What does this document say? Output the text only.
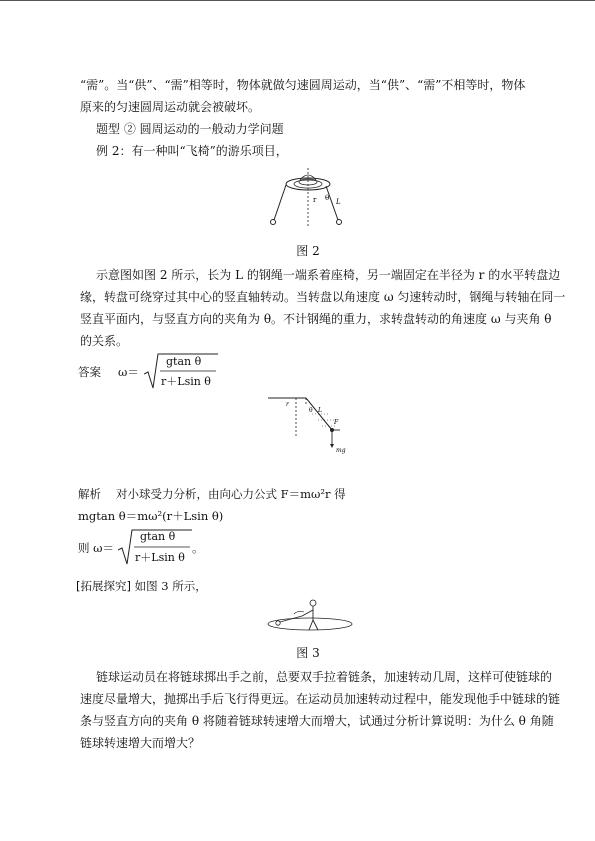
“需”。当“供”、“需”相等时，物体就做匀速圆周运动，当“供”、“需”不相等时，物体
原来的匀速圆周运动就会被破坏。
题型 ② 圆周运动的一般动力学问题
例 2：有一种叫“飞椅”的游乐项目，
r θ L
图 2
示意图如图 2 所示，长为 L 的钢绳一端系着座椅，另一端固定在半径为 r 的水平转盘边
缘，转盘可绕穿过其中心的竖直轴转动。当转盘以角速度 ω 匀速转动时，钢绳与转轴在同一
竖直平面内，与竖直方向的夹角为 θ。不计钢绳的重力，求转盘转动的角速度 ω 与夹角 θ
的关系。
答案 ω＝
gtan θ
r＋Lsin θ
r
θ L
F
mg
解析 对小球受力分析，由向心力公式 F＝mω²r 得
mgtan θ＝mω²(r＋Lsin θ)
则 ω＝
gtan θ
r＋Lsin θ
。
[拓展探究] 如图 3 所示，
图 3
链球运动员在将链球掷出手之前，总要双手拉着链条，加速转动几周，这样可使链球的
速度尽量增大，抛掷出手后飞行得更远。在运动员加速转动过程中，能发现他手中链球的链
条与竖直方向的夹角 θ 将随着链球转速增大而增大，试通过分析计算说明：为什么 θ 角随
链球转速增大而增大？
